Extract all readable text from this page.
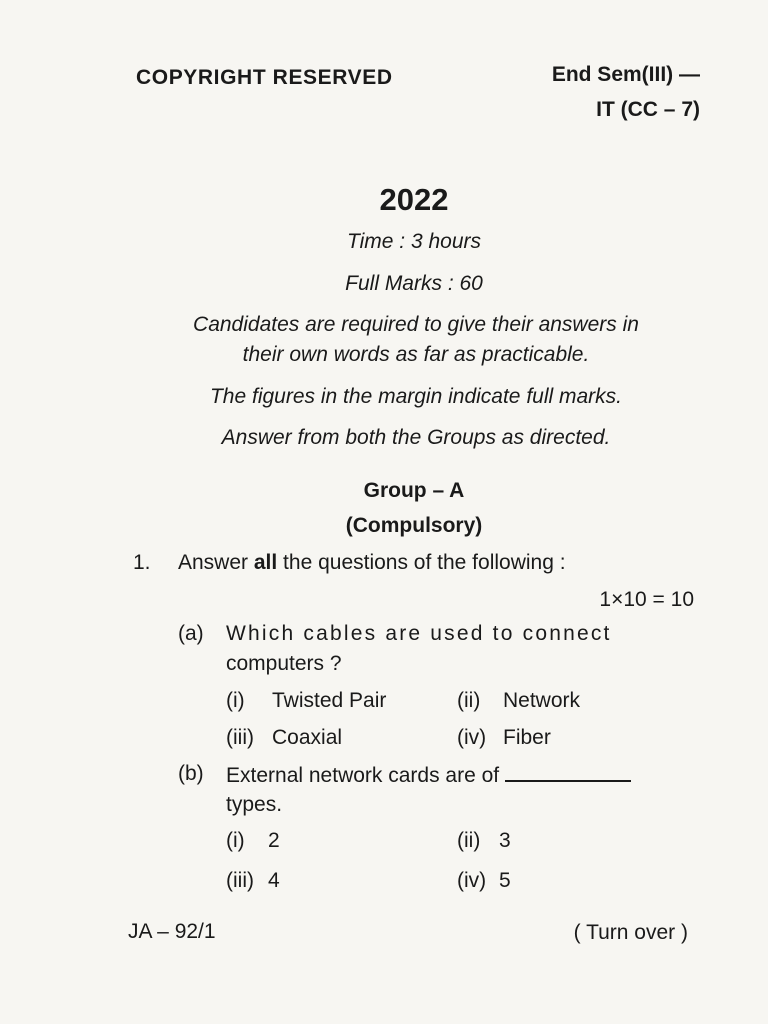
COPYRIGHT RESERVED	End Sem(III) —
IT (CC – 7)
2022
Time : 3 hours
Full Marks : 60
Candidates are required to give their answers in
their own words as far as practicable.
The figures in the margin indicate full marks.
Answer from both the Groups as directed.
Group – A
(Compulsory)
1. Answer all the questions of the following :
1×10 = 10
(a) Which cables are used to connect
computers ?
(i) Twisted Pair	(ii) Network
(iii) Coaxial	(iv) Fiber
(b) External network cards are of
types.
(i) 2	(ii) 3
(iii) 4	(iv) 5
JA – 92/1	( Turn over )
